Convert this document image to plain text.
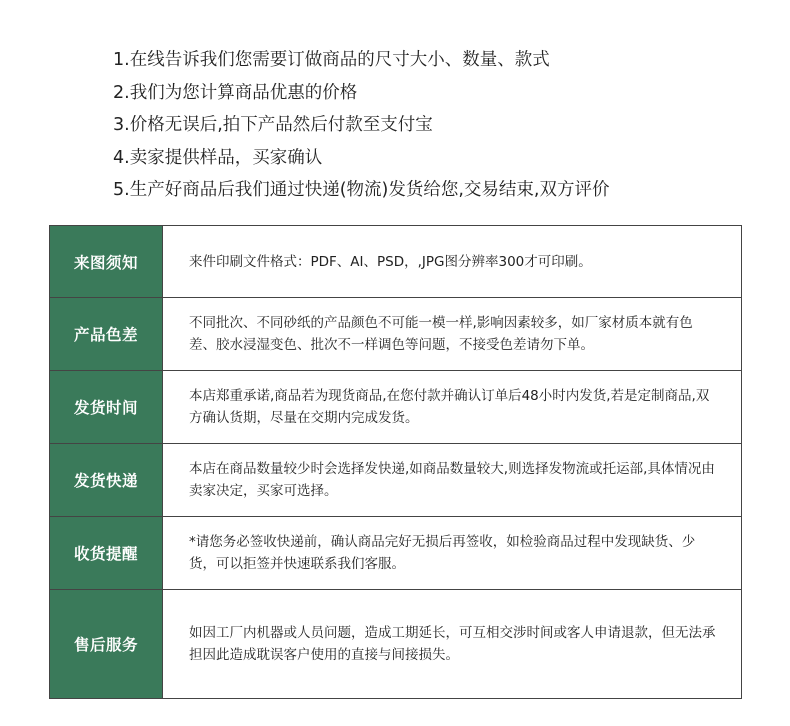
1.在线告诉我们您需要订做商品的尺寸大小、数量、款式
2.我们为您计算商品优惠的价格
3.价格无误后,拍下产品然后付款至支付宝
4.卖家提供样品，买家确认
5.生产好商品后我们通过快递(物流)发货给您,交易结束,双方评价
来图须知	来件印刷文件格式：PDF、AI、PSD，,JPG图分辨率300才可印刷。
产品色差	不同批次、不同砂纸的产品颜色不可能一模一样,影响因素较多，如厂家材质本就有色差、胶水浸湿变色、批次不一样调色等问题，不接受色差请勿下单。
发货时间	本店郑重承诺,商品若为现货商品,在您付款并确认订单后48小时内发货,若是定制商品,双方确认货期，尽量在交期内完成发货。
发货快递	本店在商品数量较少时会选择发快递,如商品数量较大,则选择发物流或托运部,具体情况由卖家决定，买家可选择。
收货提醒	*请您务必签收快递前，确认商品完好无损后再签收，如检验商品过程中发现缺货、少货，可以拒签并快速联系我们客服。
售后服务	如因工厂内机器或人员问题，造成工期延长，可互相交涉时间或客人申请退款，但无法承担因此造成耽误客户使用的直接与间接损失。
